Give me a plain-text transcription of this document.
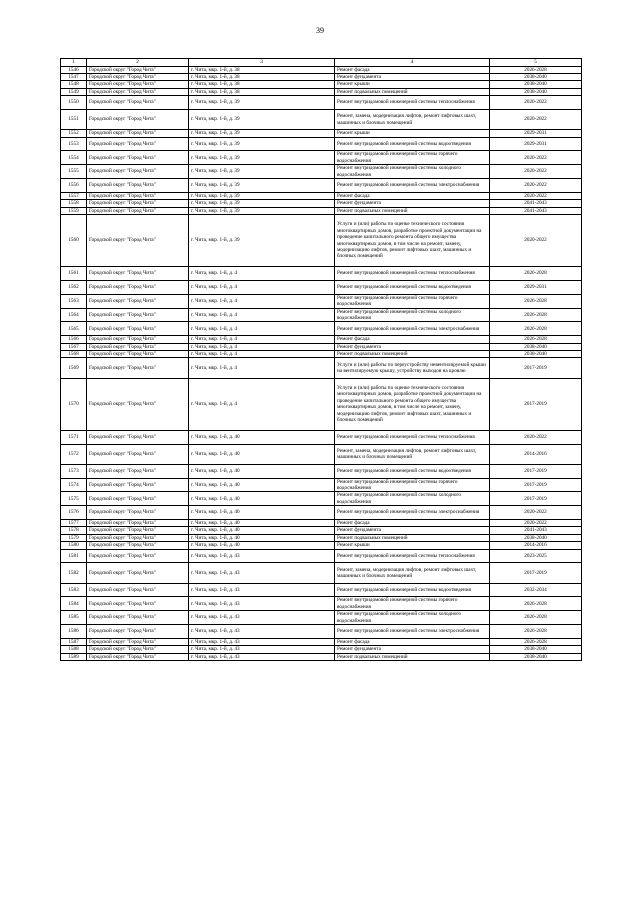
39
1	2	3	4	5
1546	Городской округ "Город Чита"	г. Чита, мкр. 1-й, д. 38	Ремонт фасада	2026-2028
1547	Городской округ "Город Чита"	г. Чита, мкр. 1-й, д. 38	Ремонт фундамента	2038-2040
1548	Городской округ "Город Чита"	г. Чита, мкр. 1-й, д. 38	Ремонт крыши	2038-2040
1549	Городской округ "Город Чита"	г. Чита, мкр. 1-й, д. 38	Ремонт подвальных помещений	2038-2040
1550	Городской округ "Город Чита"	г. Чита, мкр. 1-й, д. 39	Ремонт внутридомовой инженерной системы теплоснабжения	2020-2022
1551	Городской округ "Город Чита"	г. Чита, мкр. 1-й, д. 39	Ремонт, замена, модернизация лифтов, ремонт лифтовых шахт, машинных и блочных помещений	2020-2022
1552	Городской округ "Город Чита"	г. Чита, мкр. 1-й, д. 39	Ремонт крыши	2029-2031
1553	Городской округ "Город Чита"	г. Чита, мкр. 1-й, д. 39	Ремонт внутридомовой инженерной системы водоотведения	2029-2031
1554	Городской округ "Город Чита"	г. Чита, мкр. 1-й, д. 39	Ремонт внутридомовой инженерной системы горячего водоснабжения	2020-2022
1555	Городской округ "Город Чита"	г. Чита, мкр. 1-й, д. 39	Ремонт внутридомовой инженерной системы холодного водоснабжения	2020-2022
1556	Городской округ "Город Чита"	г. Чита, мкр. 1-й, д. 39	Ремонт внутридомовой инженерной системы электроснабжения	2020-2022
1557	Городской округ "Город Чита"	г. Чита, мкр. 1-й, д. 39	Ремонт фасада	2020-2022
1558	Городской округ "Город Чита"	г. Чита, мкр. 1-й, д. 39	Ремонт фундамента	2041-2043
1559	Городской округ "Город Чита"	г. Чита, мкр. 1-й, д. 39	Ремонт подвальных помещений	2041-2043
1560	Городской округ "Город Чита"	г. Чита, мкр. 1-й, д. 39	Услуги и (или) работы по оценке технического состояния многоквартирных домов, разработке проектной документации на проведение капитального ремонта общего имущества многоквартирных домов, в том числе на ремонт, замену, модернизацию лифтов, ремонт лифтовых шахт, машинных и блочных помещений	2020-2022
1561	Городской округ "Город Чита"	г. Чита, мкр. 1-й, д. 4	Ремонт внутридомовой инженерной системы теплоснабжения	2026-2028
1562	Городской округ "Город Чита"	г. Чита, мкр. 1-й, д. 4	Ремонт внутридомовой инженерной системы водоотведения	2029-2031
1563	Городской округ "Город Чита"	г. Чита, мкр. 1-й, д. 4	Ремонт внутридомовой инженерной системы горячего водоснабжения	2026-2028
1564	Городской округ "Город Чита"	г. Чита, мкр. 1-й, д. 4	Ремонт внутридомовой инженерной системы холодного водоснабжения	2026-2028
1565	Городской округ "Город Чита"	г. Чита, мкр. 1-й, д. 4	Ремонт внутридомовой инженерной системы электроснабжения	2026-2028
1566	Городской округ "Город Чита"	г. Чита, мкр. 1-й, д. 4	Ремонт фасада	2026-2028
1567	Городской округ "Город Чита"	г. Чита, мкр. 1-й, д. 4	Ремонт фундамента	2038-2040
1568	Городской округ "Город Чита"	г. Чита, мкр. 1-й, д. 4	Ремонт подвальных помещений	2038-2040
1569	Городской округ "Город Чита"	г. Чита, мкр. 1-й, д. 4	Услуги и (или) работы по переустройству невентилируемой крыши на вентилируемую крышу, устройству выходов на кровлю	2017-2019
1570	Городской округ "Город Чита"	г. Чита, мкр. 1-й, д. 4	Услуги и (или) работы по оценке технического состояния многоквартирных домов, разработке проектной документации на проведение капитального ремонта общего имущества многоквартирных домов, в том числе на ремонт, замену, модернизацию лифтов, ремонт лифтовых шахт, машинных и блочных помещений	2017-2019
1571	Городской округ "Город Чита"	г. Чита, мкр. 1-й, д. 40	Ремонт внутридомовой инженерной системы теплоснабжения	2020-2022
1572	Городской округ "Город Чита"	г. Чита, мкр. 1-й, д. 40	Ремонт, замена, модернизация лифтов, ремонт лифтовых шахт, машинных и блочных помещений	2014-2016
1573	Городской округ "Город Чита"	г. Чита, мкр. 1-й, д. 40	Ремонт внутридомовой инженерной системы водоотведения	2017-2019
1574	Городской округ "Город Чита"	г. Чита, мкр. 1-й, д. 40	Ремонт внутридомовой инженерной системы горячего водоснабжения	2017-2019
1575	Городской округ "Город Чита"	г. Чита, мкр. 1-й, д. 40	Ремонт внутридомовой инженерной системы холодного водоснабжения	2017-2019
1576	Городской округ "Город Чита"	г. Чита, мкр. 1-й, д. 40	Ремонт внутридомовой инженерной системы электроснабжения	2020-2022
1577	Городской округ "Город Чита"	г. Чита, мкр. 1-й, д. 40	Ремонт фасада	2020-2022
1578	Городской округ "Город Чита"	г. Чита, мкр. 1-й, д. 40	Ремонт фундамента	2041-2043
1579	Городской округ "Город Чита"	г. Чита, мкр. 1-й, д. 40	Ремонт подвальных помещений	2038-2040
1580	Городской округ "Город Чита"	г. Чита, мкр. 1-й, д. 40	Ремонт крыши	2014-2016
1581	Городской округ "Город Чита"	г. Чита, мкр. 1-й, д. 43	Ремонт внутридомовой инженерной системы теплоснабжения	2023-2025
1582	Городской округ "Город Чита"	г. Чита, мкр. 1-й, д. 43	Ремонт, замена, модернизация лифтов, ремонт лифтовых шахт, машинных и блочных помещений	2017-2019
1583	Городской округ "Город Чита"	г. Чита, мкр. 1-й, д. 43	Ремонт внутридомовой инженерной системы водоотведения	2032-2034
1584	Городской округ "Город Чита"	г. Чита, мкр. 1-й, д. 43	Ремонт внутридомовой инженерной системы горячего водоснабжения	2026-2028
1585	Городской округ "Город Чита"	г. Чита, мкр. 1-й, д. 43	Ремонт внутридомовой инженерной системы холодного водоснабжения	2026-2028
1586	Городской округ "Город Чита"	г. Чита, мкр. 1-й, д. 43	Ремонт внутридомовой инженерной системы электроснабжения	2026-2028
1587	Городской округ "Город Чита"	г. Чита, мкр. 1-й, д. 43	Ремонт фасада	2026-2028
1588	Городской округ "Город Чита"	г. Чита, мкр. 1-й, д. 43	Ремонт фундамента	2038-2040
1589	Городской округ "Город Чита"	г. Чита, мкр. 1-й, д. 43	Ремонт подвальных помещений	2038-2040
